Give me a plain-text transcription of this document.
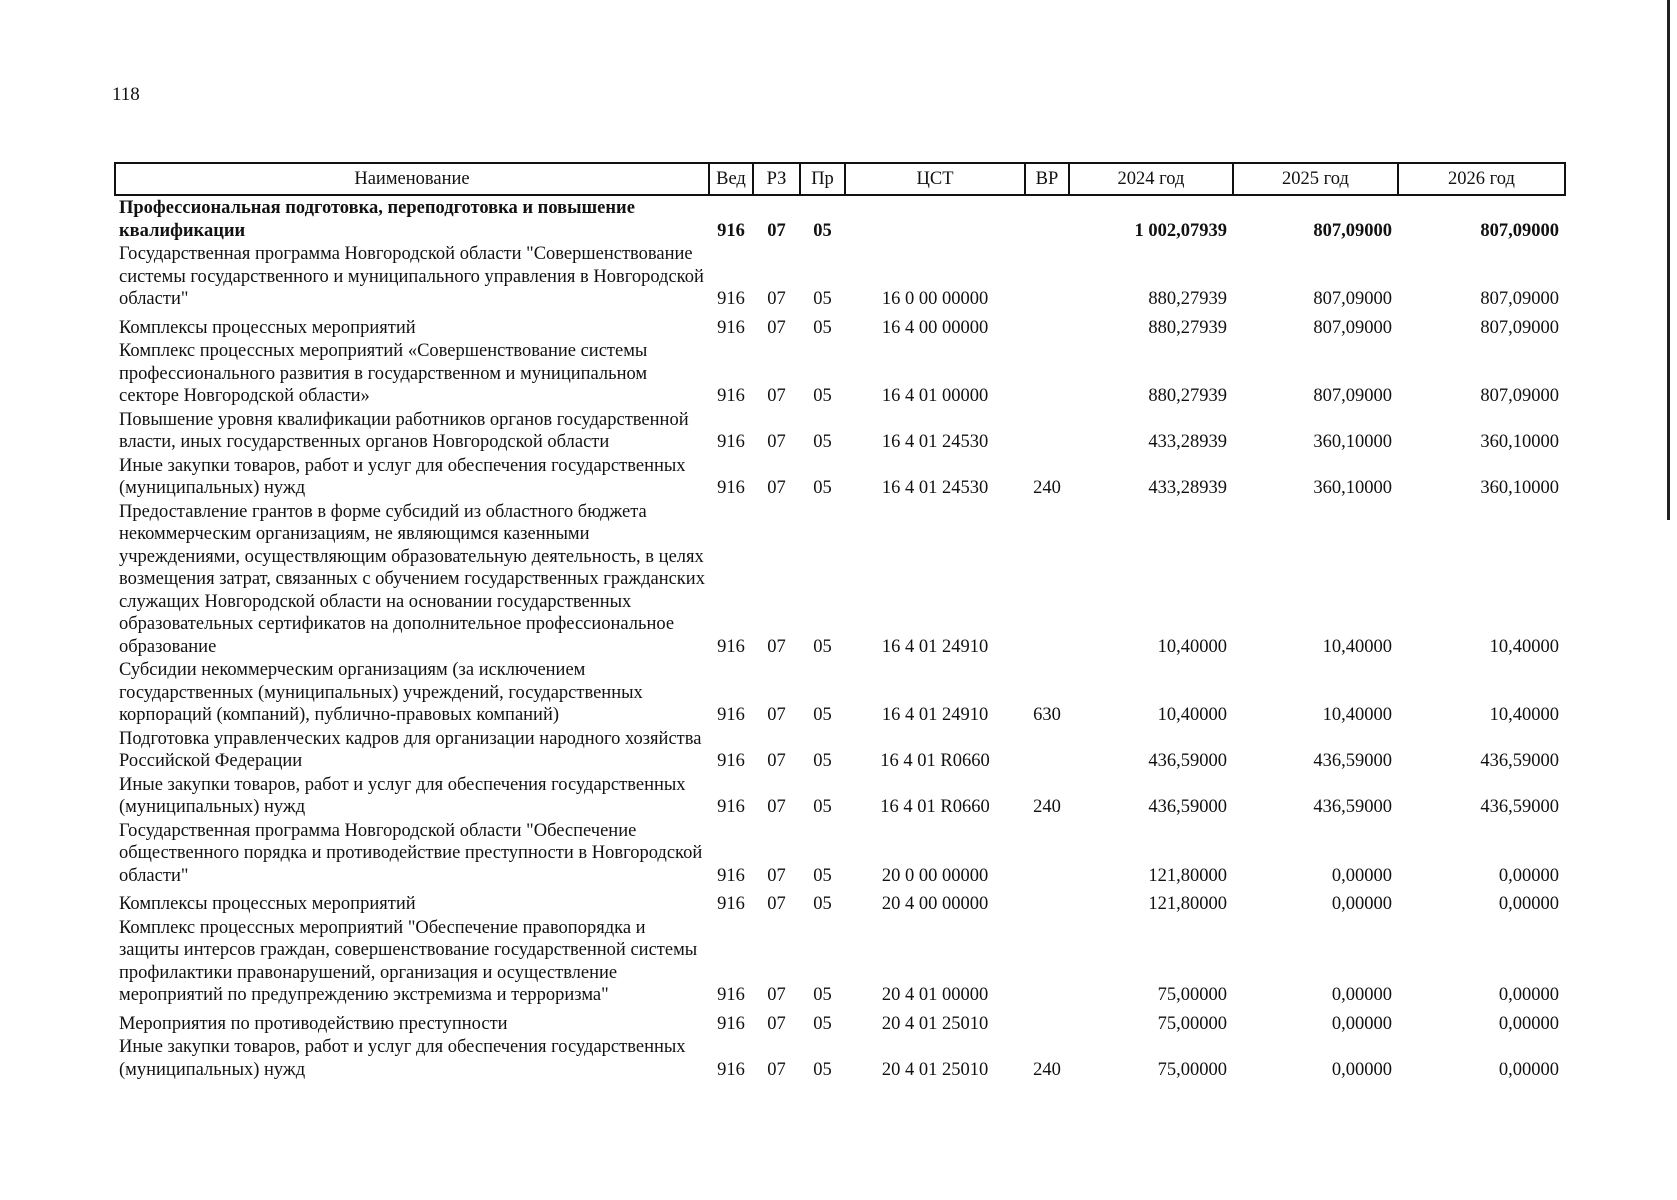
118
Наименование	Вед	РЗ	Пр	ЦСТ	ВР	2024 год	2025 год	2026 год
Профессиональная подготовка, переподготовка и повышение квалификации	916	07	05			1 002,07939	807,09000	807,09000
Государственная программа Новгородской области "Совершенствование системы государственного и муниципального управления в Новгородской области"	916	07	05	16 0 00 00000		880,27939	807,09000	807,09000
Комплексы процессных мероприятий	916	07	05	16 4 00 00000		880,27939	807,09000	807,09000
Комплекс процессных мероприятий «Совершенствование системы профессионального развития в государственном и муниципальном секторе Новгородской области»	916	07	05	16 4 01 00000		880,27939	807,09000	807,09000
Повышение уровня квалификации работников органов государственной власти, иных государственных органов Новгородской области	916	07	05	16 4 01 24530		433,28939	360,10000	360,10000
Иные закупки товаров, работ и услуг для обеспечения государственных (муниципальных) нужд	916	07	05	16 4 01 24530	240	433,28939	360,10000	360,10000
Предоставление грантов в форме субсидий из областного бюджета некоммерческим организациям, не являющимся казенными учреждениями, осуществляющим образовательную деятельность, в целях возмещения затрат, связанных с обучением государственных гражданских служащих Новгородской области на основании государственных образовательных сертификатов на дополнительное профессиональное образование	916	07	05	16 4 01 24910		10,40000	10,40000	10,40000
Субсидии некоммерческим организациям (за исключением государственных (муниципальных) учреждений, государственных корпораций (компаний), публично-правовых компаний)	916	07	05	16 4 01 24910	630	10,40000	10,40000	10,40000
Подготовка управленческих кадров для организации народного хозяйства Российской Федерации	916	07	05	16 4 01 R0660		436,59000	436,59000	436,59000
Иные закупки товаров, работ и услуг для обеспечения государственных (муниципальных) нужд	916	07	05	16 4 01 R0660	240	436,59000	436,59000	436,59000
Государственная программа Новгородской области "Обеспечение общественного порядка и противодействие преступности в Новгородской области"	916	07	05	20 0 00 00000		121,80000	0,00000	0,00000
Комплексы процессных мероприятий	916	07	05	20 4 00 00000		121,80000	0,00000	0,00000
Комплекс процессных мероприятий "Обеспечение правопорядка и защиты интерсов граждан, совершенствование государственной системы профилактики правонарушений, организация и осуществление мероприятий по предупреждению экстремизма и терроризма"	916	07	05	20 4 01 00000		75,00000	0,00000	0,00000
Мероприятия по противодействию преступности	916	07	05	20 4 01 25010		75,00000	0,00000	0,00000
Иные закупки товаров, работ и услуг для обеспечения государственных (муниципальных) нужд	916	07	05	20 4 01 25010	240	75,00000	0,00000	0,00000
